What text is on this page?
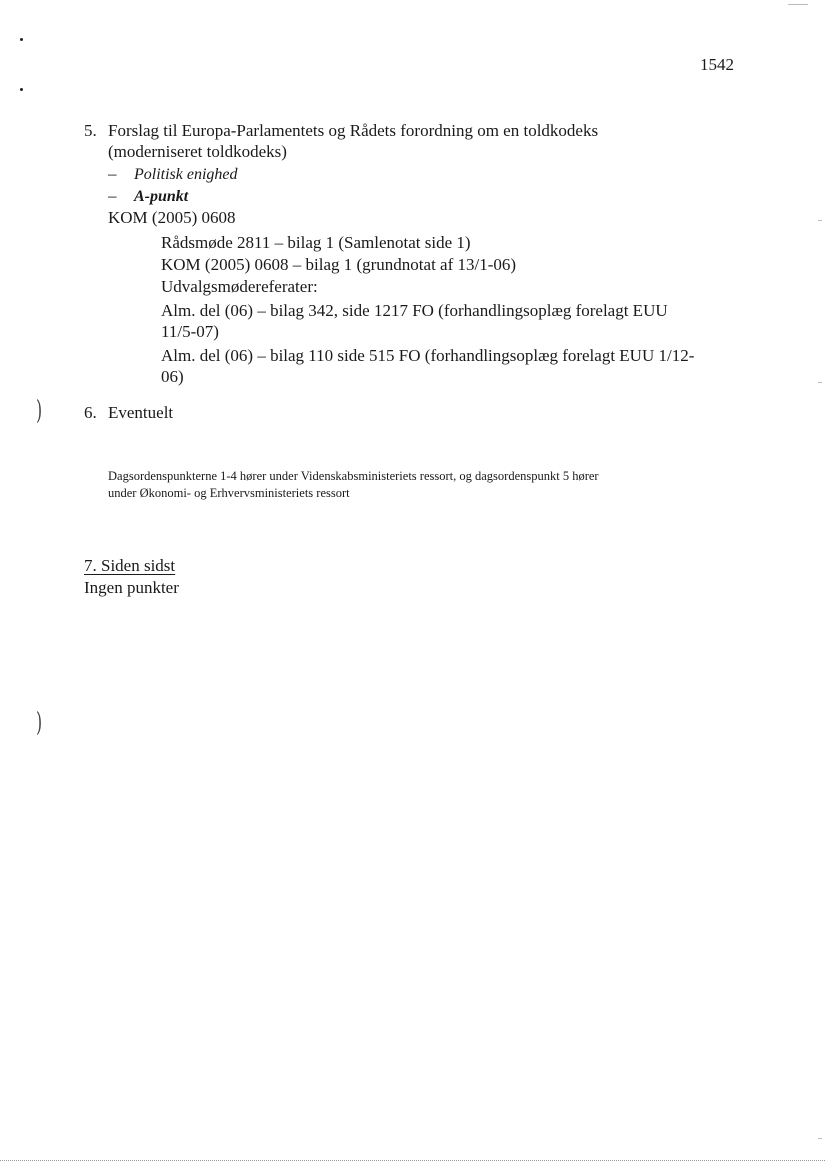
1542
5. Forslag til Europa-Parlamentets og Rådets forordning om en toldkodeks
(moderniseret toldkodeks)
– Politisk enighed
– A-punkt
KOM (2005) 0608
Rådsmøde 2811 – bilag 1 (Samlenotat side 1)
KOM (2005) 0608 – bilag 1 (grundnotat af 13/1-06)
Udvalgsmødereferater:
Alm. del (06) – bilag 342, side 1217 FO (forhandlingsoplæg forelagt EUU
11/5-07)
Alm. del (06) – bilag 110 side 515 FO (forhandlingsoplæg forelagt EUU 1/12-
06)
)
)
6. Eventuelt
Dagsordenspunkterne 1-4 hører under Videnskabsministeriets ressort, og dagsordenspunkt 5 hører
under Økonomi- og Erhvervsministeriets ressort
7. Siden sidst
Ingen punkter
